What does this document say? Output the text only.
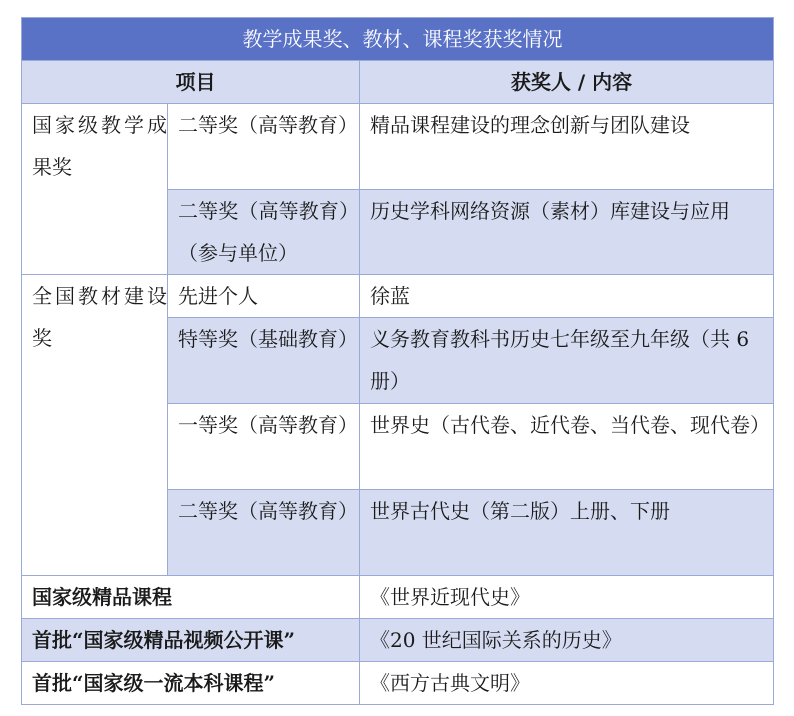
教学成果奖、教材、课程奖获奖情况		
项目		获奖人 / 内容
国家级教学成果奖	二等奖（高等教育）	精品课程建设的理念创新与团队建设
	二等奖（高等教育）（参与单位）	历史学科网络资源（素材）库建设与应用
全国教材建设奖	先进个人	徐蓝
	特等奖（基础教育）	义务教育教科书历史七年级至九年级（共 6 册）
	一等奖（高等教育）	世界史（古代卷、近代卷、当代卷、现代卷）
	二等奖（高等教育）	世界古代史（第二版）上册、下册
国家级精品课程		《世界近现代史》
首批“国家级精品视频公开课”		《20 世纪国际关系的历史》
首批“国家级一流本科课程”		《西方古典文明》
